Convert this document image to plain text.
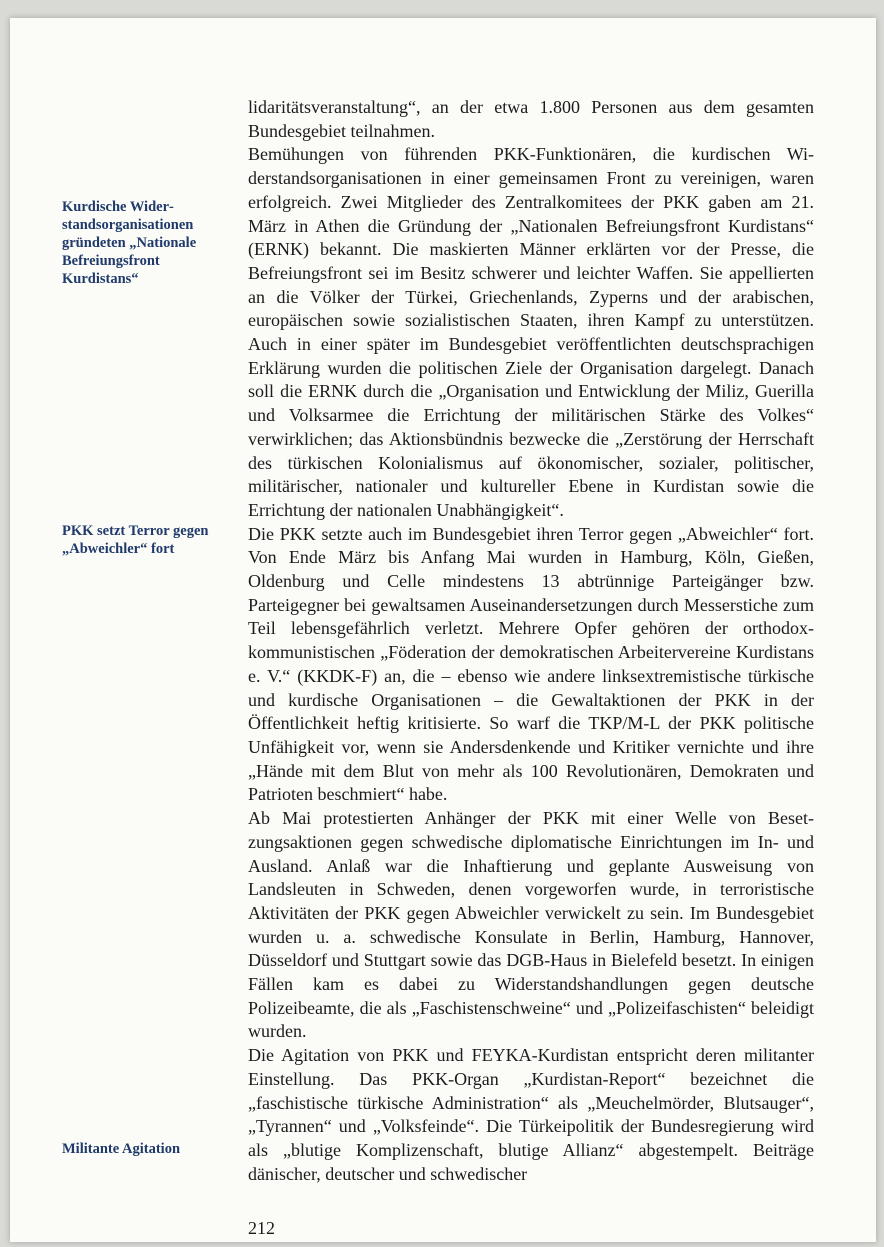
Kurdische Widerstandsorganisationen gründeten „Nationale Befreiungsfront Kurdistans“
PKK setzt Terror gegen „Abweichler“ fort
Militante Agitation

lidaritätsveranstaltung“, an der etwa 1.800 Personen aus dem gesamten Bundesgebiet teilnahmen.

Bemühungen von führenden PKK-Funktionären, die kurdischen Widerstandsorganisationen in einer gemeinsamen Front zu vereinigen, waren erfolgreich. Zwei Mitglieder des Zentralkomitees der PKK gaben am 21. März in Athen die Gründung der „Nationalen Befreiungsfront Kurdistans“ (ERNK) bekannt. Die maskierten Männer erklärten vor der Presse, die Befreiungsfront sei im Besitz schwerer und leichter Waffen. Sie appellierten an die Völker der Türkei, Griechenlands, Zyperns und der arabischen, europäischen sowie sozialistischen Staaten, ihren Kampf zu unterstützen. Auch in einer später im Bundesgebiet veröffentlichten deutschsprachigen Erklärung wurden die politischen Ziele der Organisation dargelegt. Danach soll die ERNK durch die „Organisation und Entwicklung der Miliz, Guerilla und Volksarmee die Errichtung der militärischen Stärke des Volkes“ verwirklichen; das Aktionsbündnis bezwecke die „Zerstörung der Herrschaft des türkischen Kolonialismus auf ökonomischer, sozialer, politischer, militärischer, nationaler und kultureller Ebene in Kurdistan sowie die Errichtung der nationalen Unabhängigkeit“.

Die PKK setzte auch im Bundesgebiet ihren Terror gegen „Abweichler“ fort. Von Ende März bis Anfang Mai wurden in Hamburg, Köln, Gießen, Oldenburg und Celle mindestens 13 abtrünnige Parteigänger bzw. Parteigegner bei gewaltsamen Auseinandersetzungen durch Messerstiche zum Teil lebensgefährlich verletzt. Mehrere Opfer gehören der orthodox-kommunistischen „Föderation der demokratischen Arbeitervereine Kurdistans e. V.“ (KKDK-F) an, die – ebenso wie andere linksextremistische türkische und kurdische Organisationen – die Gewaltaktionen der PKK in der Öffentlichkeit heftig kritisierte. So warf die TKP/M-L der PKK politische Unfähigkeit vor, wenn sie Andersdenkende und Kritiker vernichte und ihre „Hände mit dem Blut von mehr als 100 Revolutionären, Demokraten und Patrioten beschmiert“ habe.

Ab Mai protestierten Anhänger der PKK mit einer Welle von Besetzungsaktionen gegen schwedische diplomatische Einrichtungen im In- und Ausland. Anlaß war die Inhaftierung und geplante Ausweisung von Landsleuten in Schweden, denen vorgeworfen wurde, in terroristische Aktivitäten der PKK gegen Abweichler verwickelt zu sein. Im Bundesgebiet wurden u. a. schwedische Konsulate in Berlin, Hamburg, Hannover, Düsseldorf und Stuttgart sowie das DGB-Haus in Bielefeld besetzt. In einigen Fällen kam es dabei zu Widerstandshandlungen gegen deutsche Polizeibeamte, die als „Faschistenschweine“ und „Polizeifaschisten“ beleidigt wurden.

Die Agitation von PKK und FEYKA-Kurdistan entspricht deren militanter Einstellung. Das PKK-Organ „Kurdistan-Report“ bezeichnet die „faschistische türkische Administration“ als „Meuchelmörder, Blutsauger“, „Tyrannen“ und „Volksfeinde“. Die Türkeipolitik der Bundesregierung wird als „blutige Komplizenschaft, blutige Allianz“ abgestempelt. Beiträge dänischer, deutscher und schwedischer

212
